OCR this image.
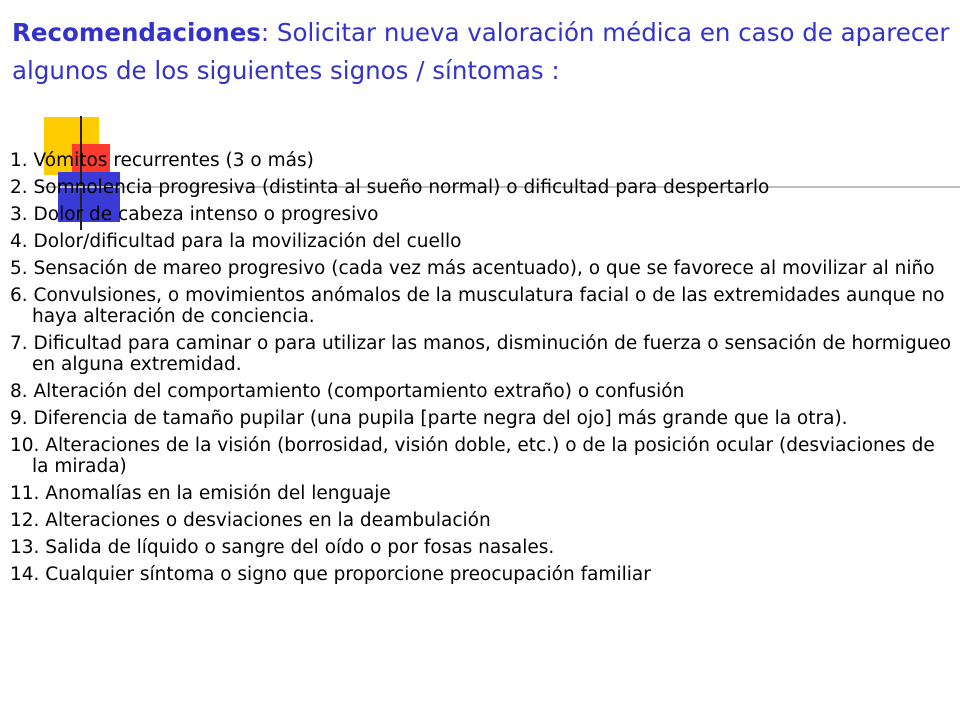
Recomendaciones: Solicitar nueva valoración médica en caso de aparecer algunos de los siguientes signos / síntomas :

1. Vómitos recurrentes (3 o más)

2. Somnolencia progresiva (distinta al sueño normal) o dificultad para despertarlo

3. Dolor de cabeza intenso o progresivo

4. Dolor/dificultad para la movilización del cuello

5. Sensación de mareo progresivo (cada vez más acentuado), o que se favorece al movilizar al niño

6. Convulsiones, o movimientos anómalos de la musculatura facial o de las extremidades aunque no haya alteración de conciencia.

7. Dificultad para caminar o para utilizar las manos, disminución de fuerza o sensación de hormigueo en alguna extremidad.

8. Alteración del comportamiento (comportamiento extraño) o confusión

9. Diferencia de tamaño pupilar (una pupila [parte negra del ojo] más grande que la otra).

10. Alteraciones de la visión (borrosidad, visión doble, etc.) o de la posición ocular (desviaciones de la mirada)

11. Anomalías en la emisión del lenguaje

12. Alteraciones o desviaciones en la deambulación

13. Salida de líquido o sangre del oído o por fosas nasales.

14. Cualquier síntoma o signo que proporcione preocupación familiar
